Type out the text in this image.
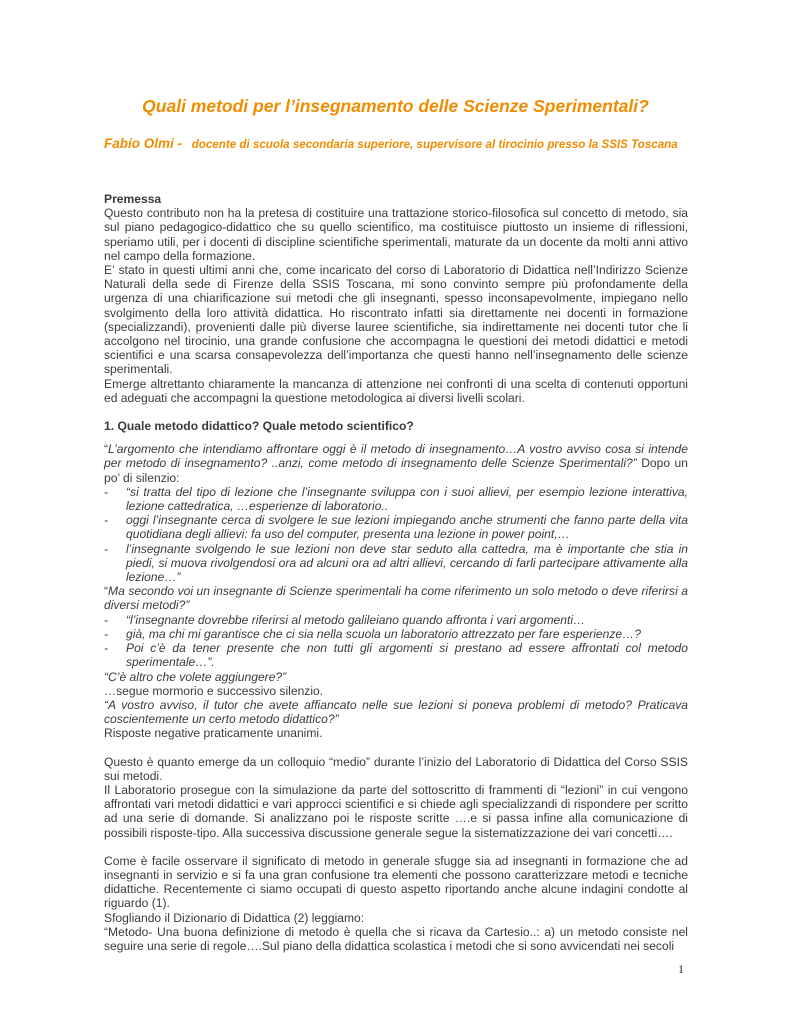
Quali metodi per l’insegnamento delle Scienze Sperimentali?
Fabio Olmi - docente di scuola secondaria superiore, supervisore al tirocinio presso la SSIS Toscana

Premessa

Questo contributo non ha la pretesa di costituire una trattazione storico-filosofica sul concetto di metodo, sia sul piano pedagogico-didattico che su quello scientifico, ma costituisce piuttosto un insieme di riflessioni, speriamo utili, per i docenti di discipline scientifiche sperimentali, maturate da un docente da molti anni attivo nel campo della formazione.

E’ stato in questi ultimi anni che, come incaricato del corso di Laboratorio di Didattica nell’Indirizzo Scienze Naturali della sede di Firenze della SSIS Toscana, mi sono convinto sempre più profondamente della urgenza di una chiarificazione sui metodi che gli insegnanti, spesso inconsapevolmente, impiegano nello svolgimento della loro attività didattica. Ho riscontrato infatti sia direttamente nei docenti in formazione (specializzandi), provenienti dalle più diverse lauree scientifiche, sia indirettamente nei docenti tutor che li accolgono nel tirocinio, una grande confusione che accompagna le questioni dei metodi didattici e metodi scientifici e una scarsa consapevolezza dell’importanza che questi hanno nell’insegnamento delle scienze sperimentali.

Emerge altrettanto chiaramente la mancanza di attenzione nei confronti di una scelta di contenuti opportuni ed adeguati che accompagni la questione metodologica ai diversi livelli scolari.

1. Quale metodo didattico? Quale metodo scientifico?

“L’argomento che intendiamo affrontare oggi è il metodo di insegnamento…A vostro avviso cosa si intende per metodo di insegnamento? ..anzi, come metodo di insegnamento delle Scienze Sperimentali?” Dopo un po’ di silenzio:

- “si tratta del tipo di lezione che l’insegnante sviluppa con i suoi allievi, per esempio lezione interattiva, lezione cattedratica, …esperienze di laboratorio..
- oggi l’insegnante cerca di svolgere le sue lezioni impiegando anche strumenti che fanno parte della vita quotidiana degli allievi: fa uso del computer, presenta una lezione in power point,…
- l’insegnante svolgendo le sue lezioni non deve star seduto alla cattedra, ma è importante che stia in piedi, si muova rivolgendosi ora ad alcuni ora ad altri allievi, cercando di farli partecipare attivamente alla lezione…”

“Ma secondo voi un insegnante di Scienze sperimentali ha come riferimento un solo metodo o deve riferirsi a diversi metodi?”

- “l’insegnante dovrebbe riferirsi al metodo galileiano quando affronta i vari argomenti…
- già, ma chi mi garantisce che ci sia nella scuola un laboratorio attrezzato per fare esperienze…?
- Poi c’è da tener presente che non tutti gli argomenti si prestano ad essere affrontati col metodo sperimentale…”.

“C’è altro che volete aggiungere?”

…segue mormorio e successivo silenzio.

“A vostro avviso, il tutor che avete affiancato nelle sue lezioni si poneva problemi di metodo? Praticava coscientemente un certo metodo didattico?”

Risposte negative praticamente unanimi.

Questo è quanto emerge da un colloquio “medio” durante l’inizio del Laboratorio di Didattica del Corso SSIS sui metodi.

Il Laboratorio prosegue con la simulazione da parte del sottoscritto di frammenti di “lezioni” in cui vengono affrontati vari metodi didattici e vari approcci scientifici e si chiede agli specializzandi di rispondere per scritto ad una serie di domande. Si analizzano poi le risposte scritte ….e si passa infine alla comunicazione di possibili risposte-tipo. Alla successiva discussione generale segue la sistematizzazione dei vari concetti….

Come è facile osservare il significato di metodo in generale sfugge sia ad insegnanti in formazione che ad insegnanti in servizio e si fa una gran confusione tra elementi che possono caratterizzare metodi e tecniche didattiche. Recentemente ci siamo occupati di questo aspetto riportando anche alcune indagini condotte al riguardo (1).

Sfogliando il Dizionario di Didattica (2) leggiamo:

“Metodo- Una buona definizione di metodo è quella che si ricava da Cartesio..: a) un metodo consiste nel seguire una serie di regole….Sul piano della didattica scolastica i metodi che si sono avvicendati nei secoli

1
